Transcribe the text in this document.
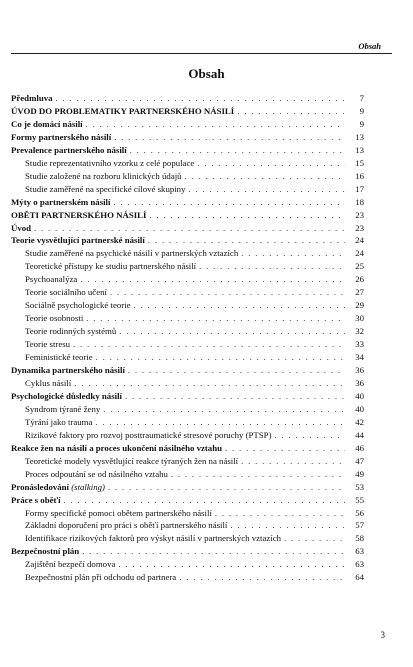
Obsah
Obsah
Předmluva . . .	7
ÚVOD DO PROBLEMATIKY PARTNERSKÉHO NÁSILÍ . . .	9
Co je domácí násilí . . .	9
Formy partnerského násilí . . .	13
Prevalence partnerského násilí . . .	13
Studie reprezentativního vzorku z celé populace . . .	15
Studie založené na rozboru klinických údajů . . .	16
Studie zaměřené na specifické cílové skupiny . . .	17
Mýty o partnerském násilí . . .	18
OBĚTI PARTNERSKÉHO NÁSILÍ . . .	23
Úvod . . .	23
Teorie vysvětlující partnerské násilí . . .	24
Studie zaměřené na psychické násilí v partnerských vztazích . . .	24
Teoretické přístupy ke studiu partnerského násilí . . .	25
Psychoanalýza . . .	26
Teorie sociálního učení . . .	27
Sociálně psychologické teorie . . .	29
Teorie osobnosti . . .	30
Teorie rodinných systémů . . .	32
Teorie stresu . . .	33
Feministické teorie . . .	34
Dynamika partnerského násilí . . .	36
Cyklus násilí . . .	36
Psychologické důsledky násilí . . .	40
Syndrom týrané ženy . . .	40
Týrání jako trauma . . .	42
Rizikové faktory pro rozvoj posttraumatické stresové poruchy (PTSP) . . .	44
Reakce žen na násilí a proces ukončení násilného vztahu . . .	46
Teoretické modely vysvětlující reakce týraných žen na násilí . . .	47
Proces odpoutání se od násilného vztahu . . .	49
Pronásledování (stalking) . . .	53
Práce s oběťí . . .	55
Formy specifické pomoci obětem partnerského násilí . . .	56
Základní doporučení pro práci s oběťí partnerského násilí . . .	57
Identifikace rizikových faktorů pro výskyt násilí v partnerských vztazích . . .	58
Bezpečnostní plán . . .	63
Zajištění bezpečí domova . . .	63
Bezpečnostní plán při odchodu od partnera . . .	64
3
